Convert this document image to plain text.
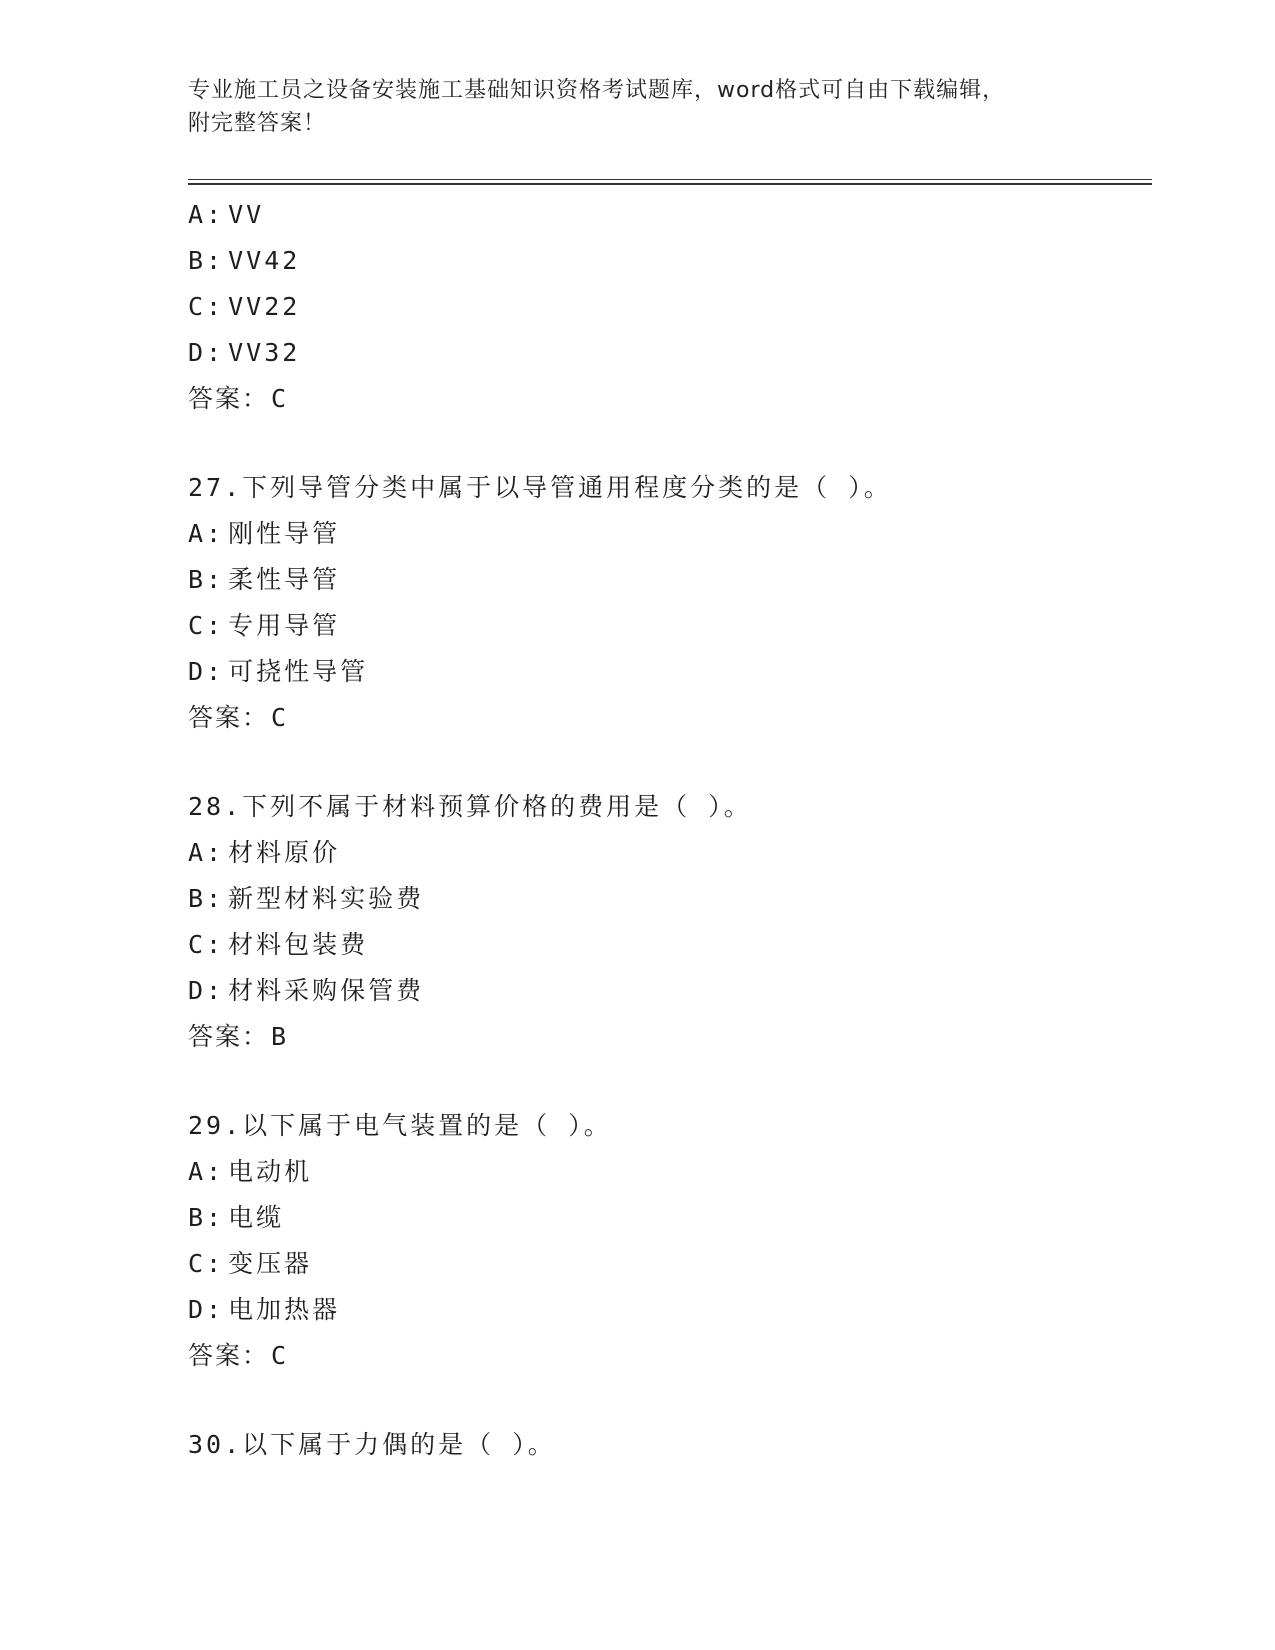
专业施工员之设备安装施工基础知识资格考试题库，word格式可自由下载编辑，
附完整答案！
A: VV
B: VV42
C: VV22
D: VV32
答案：C
27.下列导管分类中属于以导管通用程度分类的是（ ）。
A: 刚性导管
B: 柔性导管
C: 专用导管
D: 可挠性导管
答案：C
28.下列不属于材料预算价格的费用是（ ）。
A: 材料原价
B: 新型材料实验费
C: 材料包装费
D: 材料采购保管费
答案：B
29.以下属于电气装置的是（ ）。
A: 电动机
B: 电缆
C: 变压器
D: 电加热器
答案：C
30.以下属于力偶的是（ ）。
